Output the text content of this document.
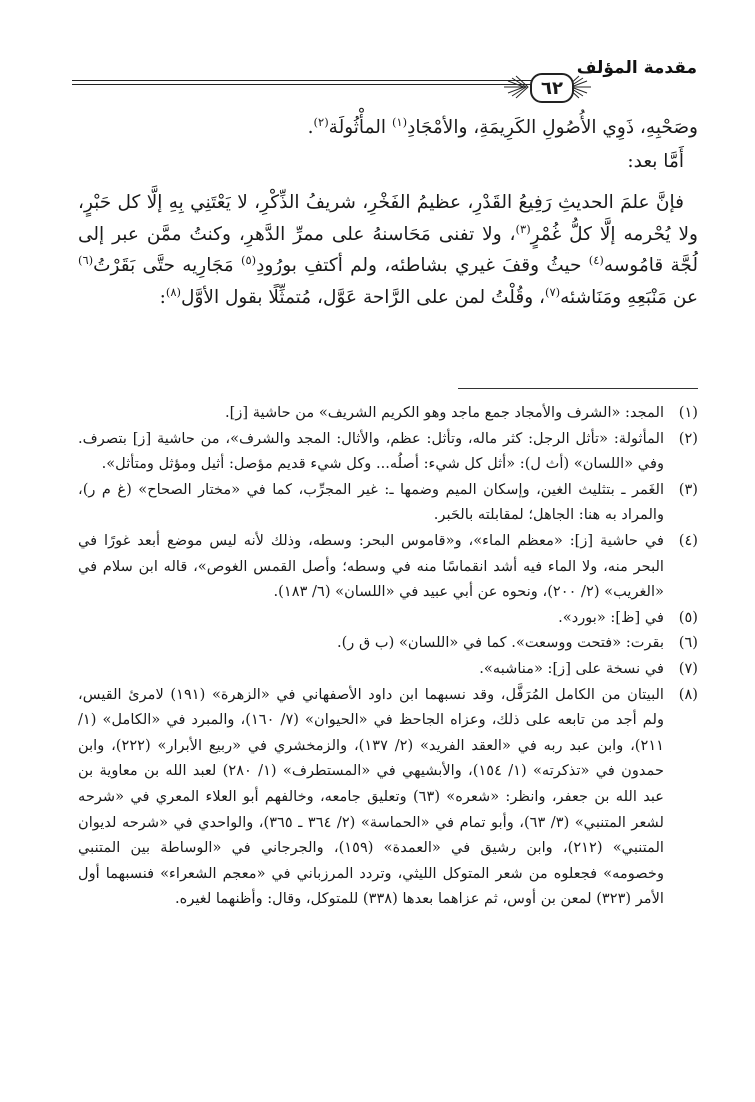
مقدمة المؤلف
٦٢

وصَحْبِهِ، ذَوِي الأُصُولِ الكَرِيمَةِ، والأمْجَادِ$^{(١)}$ المأْثُولَة$^{(٢)}$.

أَمَّا بعد:

فإنَّ علمَ الحديثِ رَفِيعُ القَدْرِ، عظيمُ الفَخْرِ، شريفُ الذِّكْرِ، لا يَعْتَنِي بِهِ إلَّا كل حَبْرٍ، ولا يُحْرمه إلَّا كلُّ غُمْرٍ$^{(٣)}$، ولا تفنى مَحَاسنهُ على ممرِّ الدَّهرِ، وكنتُ ممَّن عبر إلى لُجَّة قامُوسه$^{(٤)}$ حيثُ وقفَ غيري بشاطئه، ولم أكتفِ بورُودِ$^{(٥)}$ مَجَارِيه حتَّى بَقَرْتُ$^{(٦)}$ عن مَنْبَعِهِ ومَنَاشئه$^{(٧)}$، وقُلْتُ لمن على الرَّاحة عَوَّل، مُتمثِّلًا بقول الأوَّل$^{(٨)}$:

(١)
المجد: «الشرف والأمجاد جمع ماجد وهو الكريم الشريف» من حاشية [ز].
(٢)
المأثولة: «تأثل الرجل: كثر ماله، وتأثل: عظم، والأثال: المجد والشرف»، من حاشية [ز] بتصرف. وفي «اللسان» (أث ل): «أثل كل شيء: أصلُه... وكل شيء قديم مؤصل: أثيل ومؤثل ومتأثل».
(٣)
الغَمر ـ بتثليث الغين، وإسكان الميم وضمها ـ: غير المجرِّب، كما في «مختار الصحاح» (غ م ر)، والمراد به هنا: الجاهل؛ لمقابلته بالحَبر.
(٤)
في حاشية [ز]: «معظم الماء»، و«قاموس البحر: وسطه، وذلك لأنه ليس موضع أبعد غورًا في البحر منه، ولا الماء فيه أشد انقماسًا منه في وسطه؛ وأصل القمس الغوص»، قاله ابن سلام في «الغريب» (٢/ ٢٠٠)، ونحوه عن أبي عبيد في «اللسان» (٦/ ١٨٣).
(٥)
في [ظ]: «بورد».
(٦)
بقرت: «فتحت ووسعت». كما في «اللسان» (ب ق ر).
(٧)
في نسخة على [ز]: «مناشبه».
(٨)
البيتان من الكامل المُرَفَّل، وقد نسبهما ابن داود الأصفهاني في «الزهرة» (١٩١) لامرئ القيس، ولم أجد من تابعه على ذلك، وعزاه الجاحظ في «الحيوان» (٧/ ١٦٠)، والمبرد في «الكامل» (١/ ٢١١)، وابن عبد ربه في «العقد الفريد» (٢/ ١٣٧)، والزمخشري في «ربيع الأبرار» (٢٢٢)، وابن حمدون في «تذكرته» (١/ ١٥٤)، والأبشيهي في «المستطرف» (١/ ٢٨٠) لعبد الله بن معاوية بن عبد الله بن جعفر، وانظر: «شعره» (٦٣) وتعليق جامعه، وخالفهم أبو العلاء المعري في «شرحه لشعر المتنبي» (٣/ ٦٣)، وأبو تمام في «الحماسة» (٢/ ٣٦٤ ـ ٣٦٥)، والواحدي في «شرحه لديوان المتنبي» (٢١٢)، وابن رشيق في «العمدة» (١٥٩)، والجرجاني في «الوساطة بين المتنبي وخصومه» فجعلوه من شعر المتوكل الليثي، وتردد المرزباني في «معجم الشعراء» فنسبهما أول الأمر (٣٢٣) لمعن بن أوس، ثم عزاهما بعدها (٣٣٨) للمتوكل، وقال: وأظنهما لغيره.
